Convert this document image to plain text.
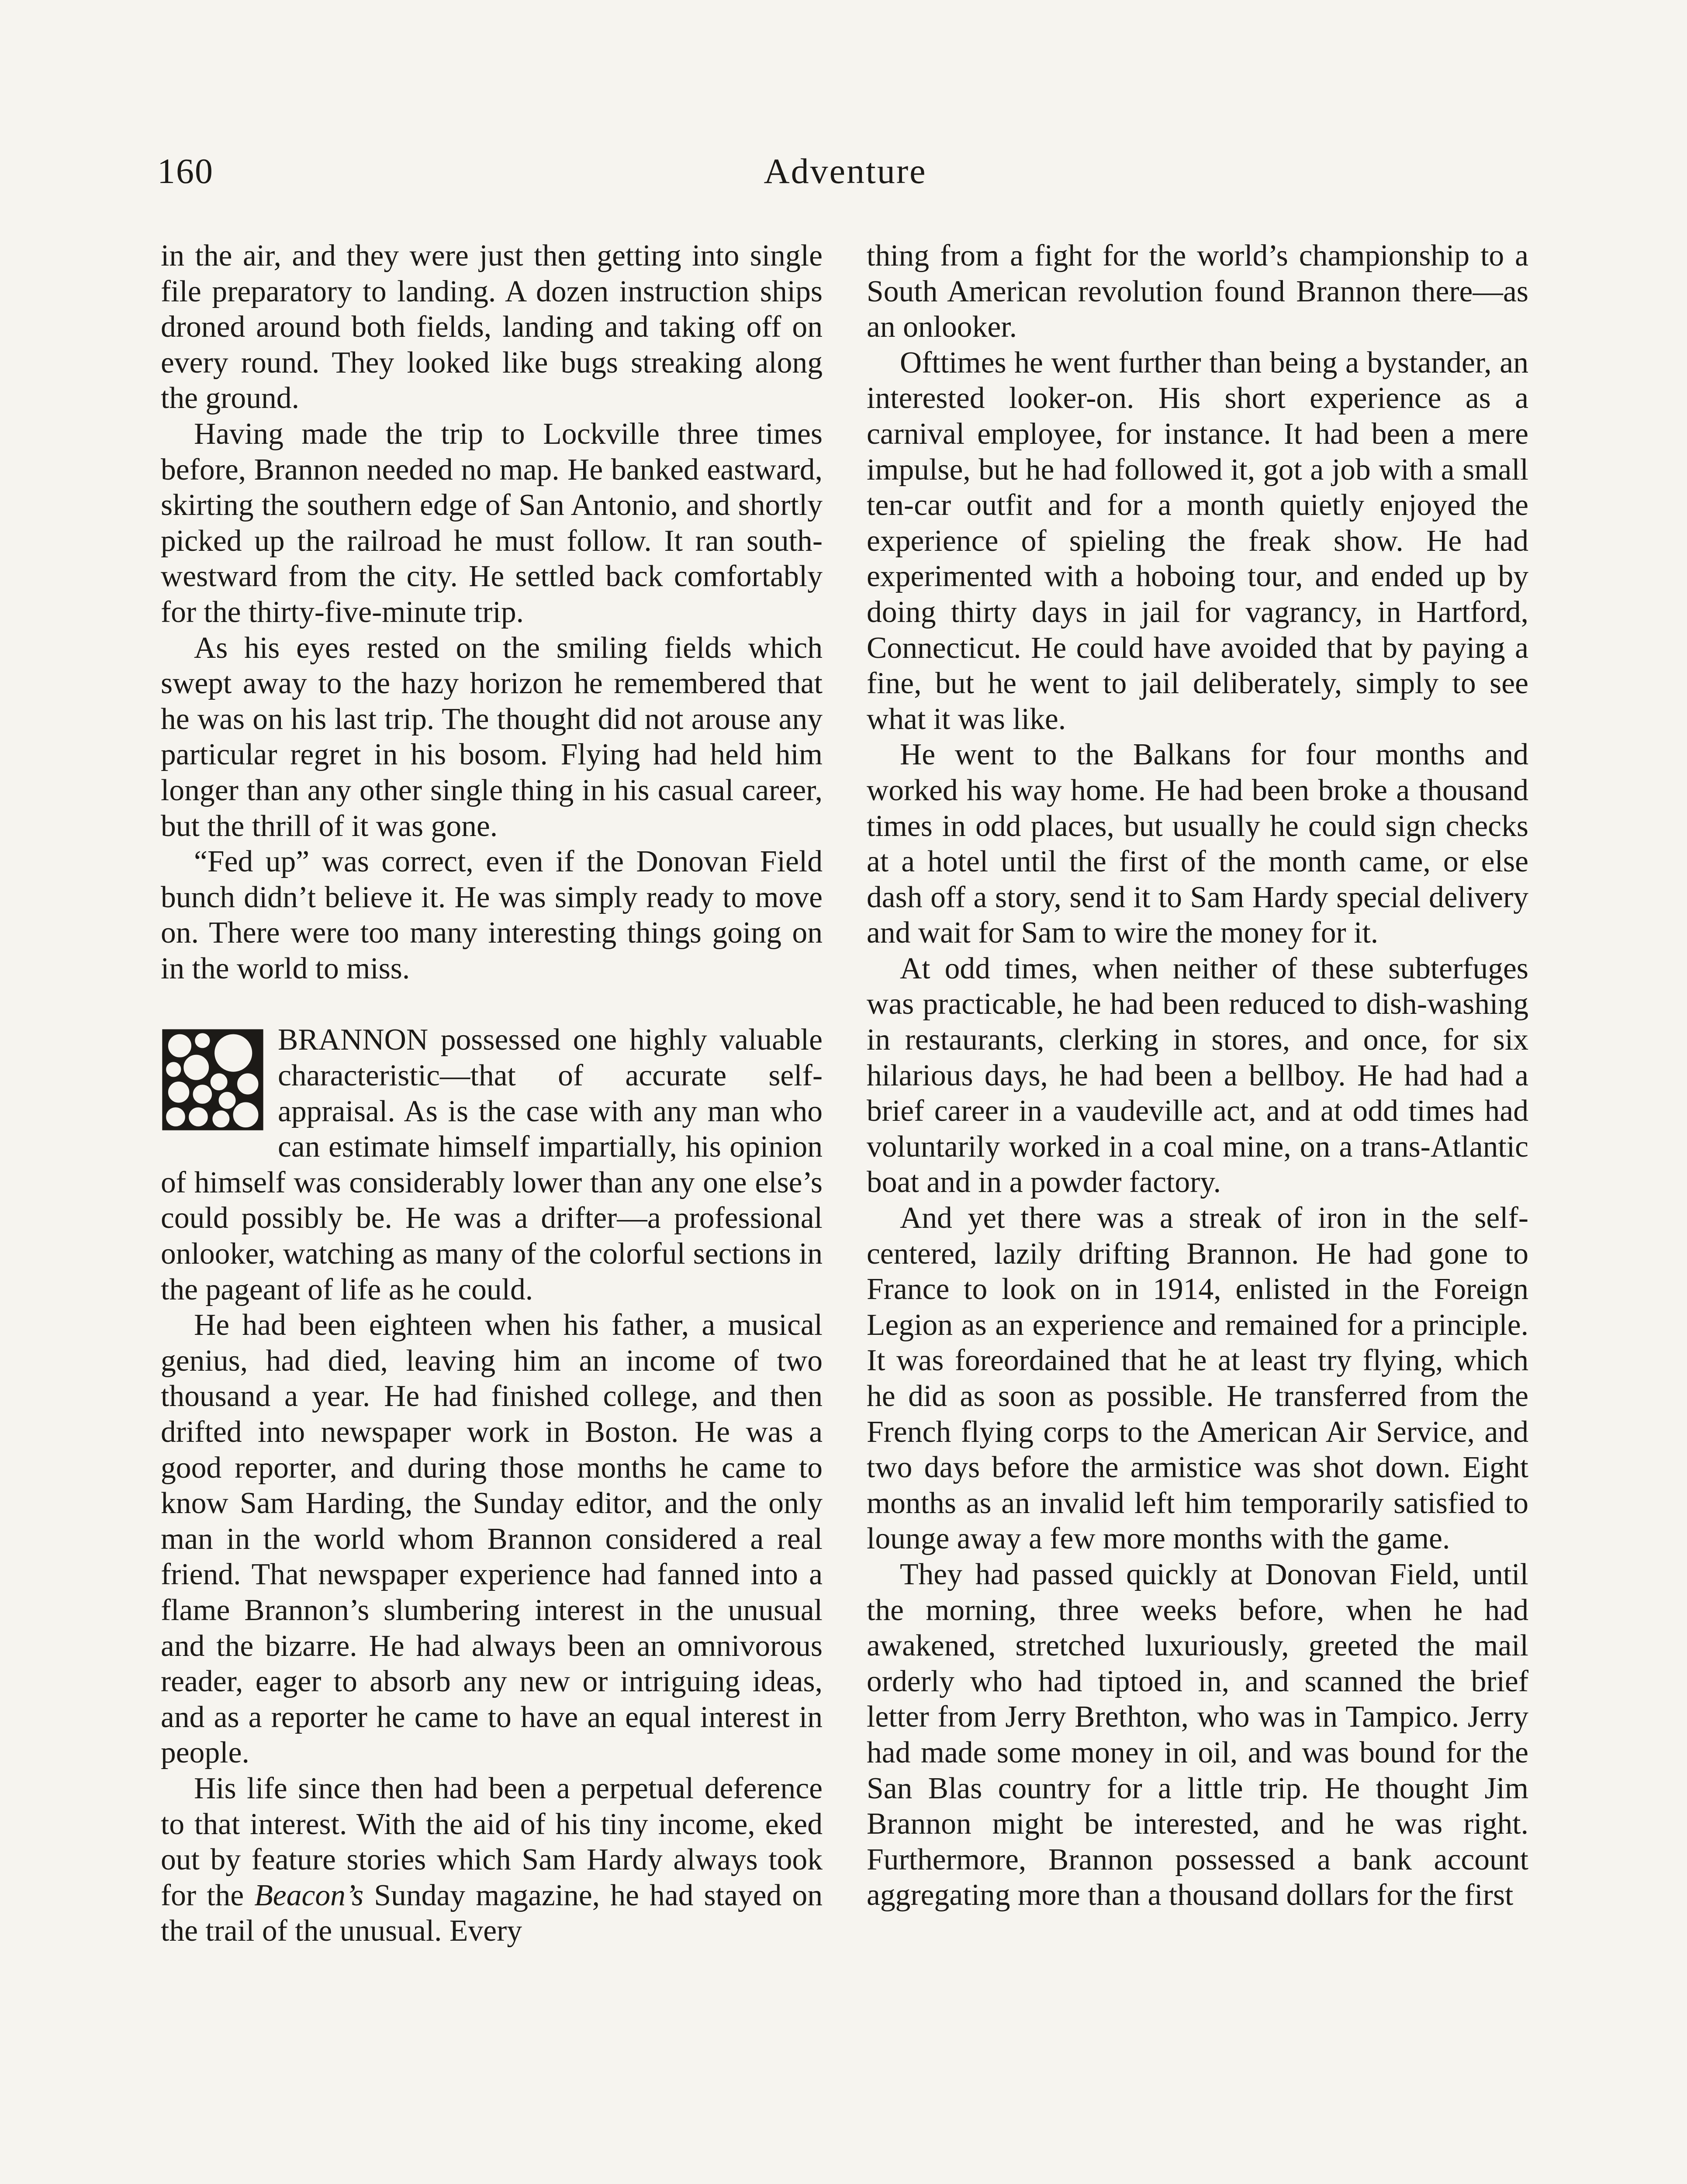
160	Adventure

in the air, and they were just then getting into single file preparatory to landing. A dozen instruction ships droned around both fields, landing and taking off on every round. They looked like bugs streaking along the ground.

Having made the trip to Lockville three times before, Brannon needed no map. He banked eastward, skirting the southern edge of San Antonio, and shortly picked up the railroad he must follow. It ran southwestward from the city. He settled back comfortably for the thirty-five-minute trip.

As his eyes rested on the smiling fields which swept away to the hazy horizon he remembered that he was on his last trip. The thought did not arouse any particular regret in his bosom. Flying had held him longer than any other single thing in his casual career, but the thrill of it was gone.

“Fed up” was correct, even if the Donovan Field bunch didn’t believe it. He was simply ready to move on. There were too many interesting things going on in the world to miss.

BRANNON possessed one highly valuable characteristic—that of accurate self-appraisal. As is the case with any man who can estimate himself impartially, his opinion of himself was considerably lower than any one else’s could possibly be. He was a drifter—a professional onlooker, watching as many of the colorful sections in the pageant of life as he could.

He had been eighteen when his father, a musical genius, had died, leaving him an income of two thousand a year. He had finished college, and then drifted into newspaper work in Boston. He was a good reporter, and during those months he came to know Sam Harding, the Sunday editor, and the only man in the world whom Brannon considered a real friend. That newspaper experience had fanned into a flame Brannon’s slumbering interest in the unusual and the bizarre. He had always been an omnivorous reader, eager to absorb any new or intriguing ideas, and as a reporter he came to have an equal interest in people.

His life since then had been a perpetual deference to that interest. With the aid of his tiny income, eked out by feature stories which Sam Hardy always took for the Beacon’s Sunday magazine, he had stayed on the trail of the unusual. Every

thing from a fight for the world’s championship to a South American revolution found Brannon there—as an onlooker.

Ofttimes he went further than being a bystander, an interested looker-on. His short experience as a carnival employee, for instance. It had been a mere impulse, but he had followed it, got a job with a small ten-car outfit and for a month quietly enjoyed the experience of spieling the freak show. He had experimented with a hoboing tour, and ended up by doing thirty days in jail for vagrancy, in Hartford, Connecticut. He could have avoided that by paying a fine, but he went to jail deliberately, simply to see what it was like.

He went to the Balkans for four months and worked his way home. He had been broke a thousand times in odd places, but usually he could sign checks at a hotel until the first of the month came, or else dash off a story, send it to Sam Hardy special delivery and wait for Sam to wire the money for it.

At odd times, when neither of these subterfuges was practicable, he had been reduced to dish-washing in restaurants, clerking in stores, and once, for six hilarious days, he had been a bellboy. He had had a brief career in a vaudeville act, and at odd times had voluntarily worked in a coal mine, on a trans-Atlantic boat and in a powder factory.

And yet there was a streak of iron in the self-centered, lazily drifting Brannon. He had gone to France to look on in 1914, enlisted in the Foreign Legion as an experience and remained for a principle. It was foreordained that he at least try flying, which he did as soon as possible. He transferred from the French flying corps to the American Air Service, and two days before the armistice was shot down. Eight months as an invalid left him temporarily satisfied to lounge away a few more months with the game.

They had passed quickly at Donovan Field, until the morning, three weeks before, when he had awakened, stretched luxuriously, greeted the mail orderly who had tiptoed in, and scanned the brief letter from Jerry Brethton, who was in Tampico. Jerry had made some money in oil, and was bound for the San Blas country for a little trip. He thought Jim Brannon might be interested, and he was right. Furthermore, Brannon possessed a bank account aggregating more than a thousand dollars for the first
